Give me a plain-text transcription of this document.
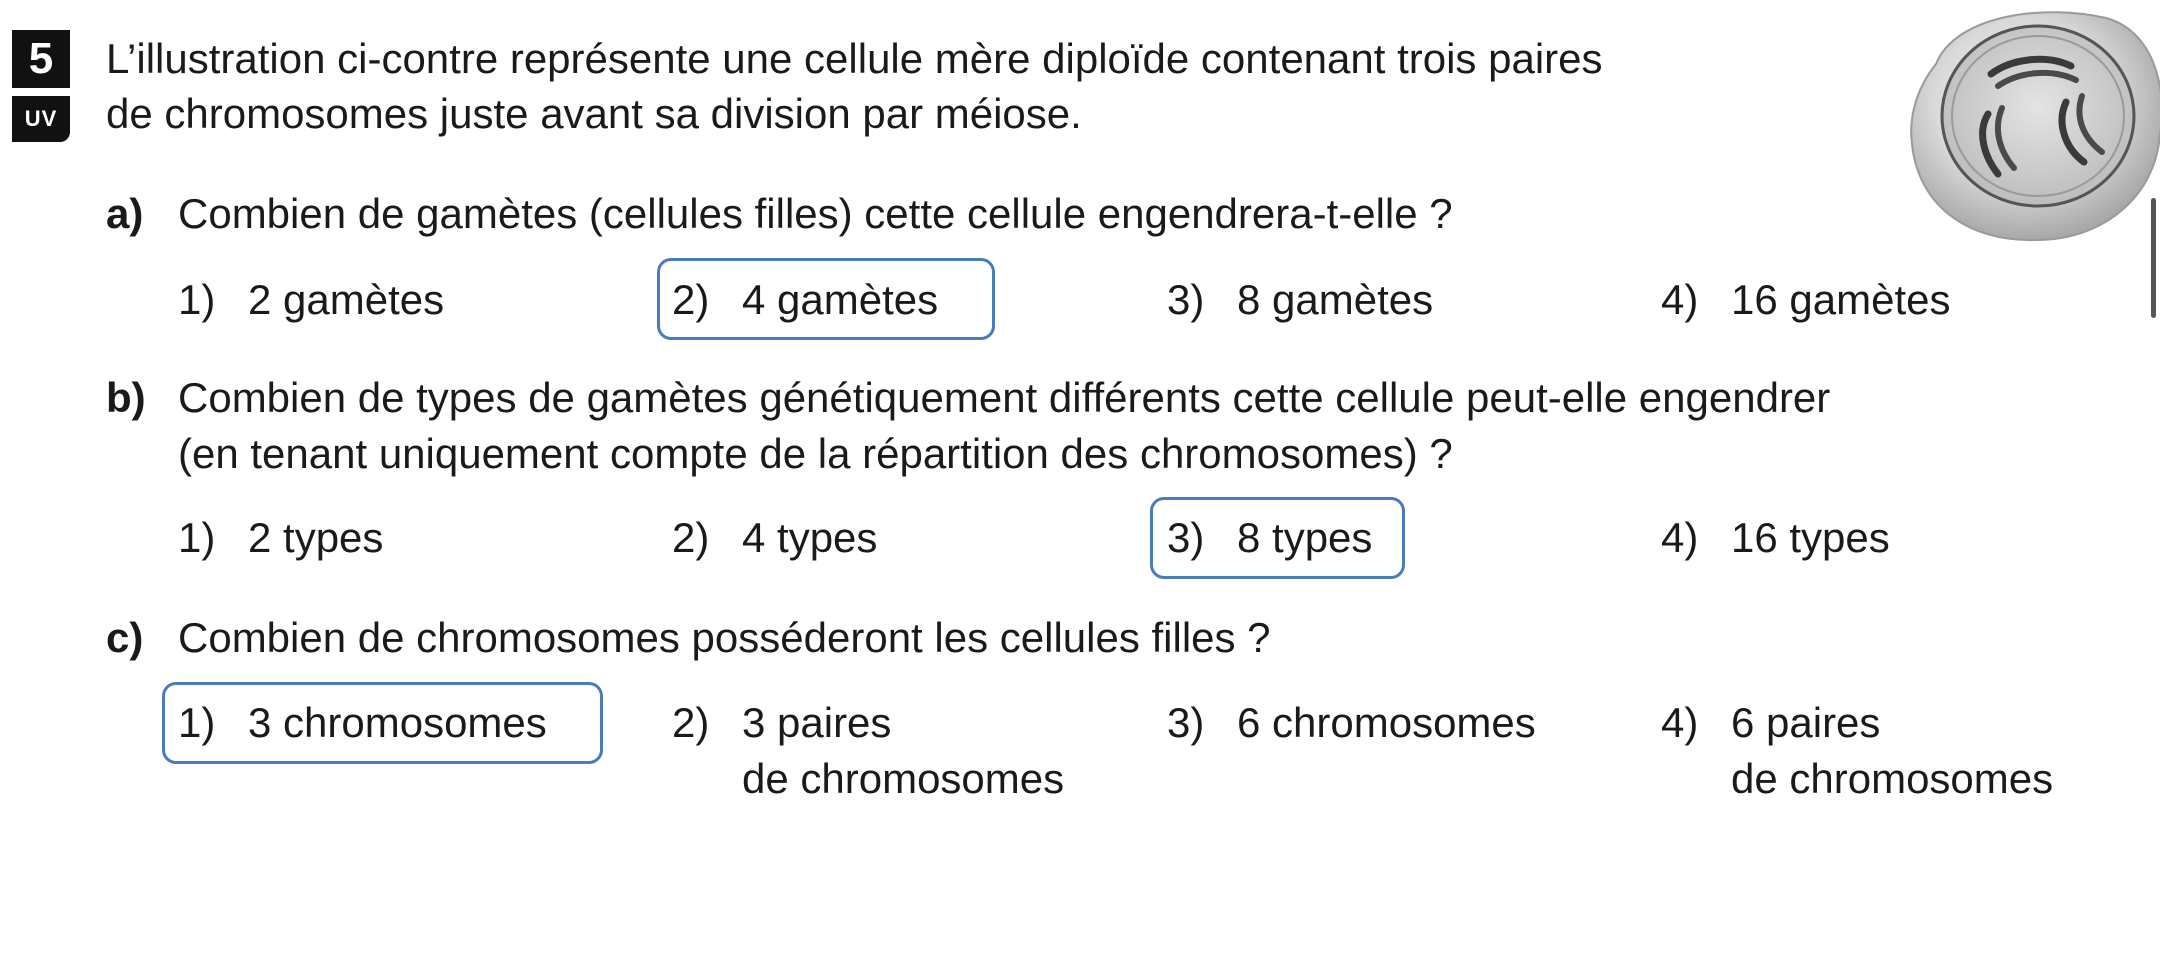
5
UV
L’illustration ci-contre représente une cellule mère diploïde contenant trois paires
de chromosomes juste avant sa division par méiose.
a) Combien de gamètes (cellules filles) cette cellule engendrera-t-elle ?
1) 2 gamètes	2) 4 gamètes	3) 8 gamètes	4) 16 gamètes
b) Combien de types de gamètes génétiquement différents cette cellule peut-elle engendrer
(en tenant uniquement compte de la répartition des chromosomes) ?
1) 2 types	2) 4 types	3) 8 types	4) 16 types
c) Combien de chromosomes posséderont les cellules filles ?
1) 3 chromosomes	2) 3 paires
de chromosomes
3) 6 chromosomes	4) 6 paires
de chromosomes
